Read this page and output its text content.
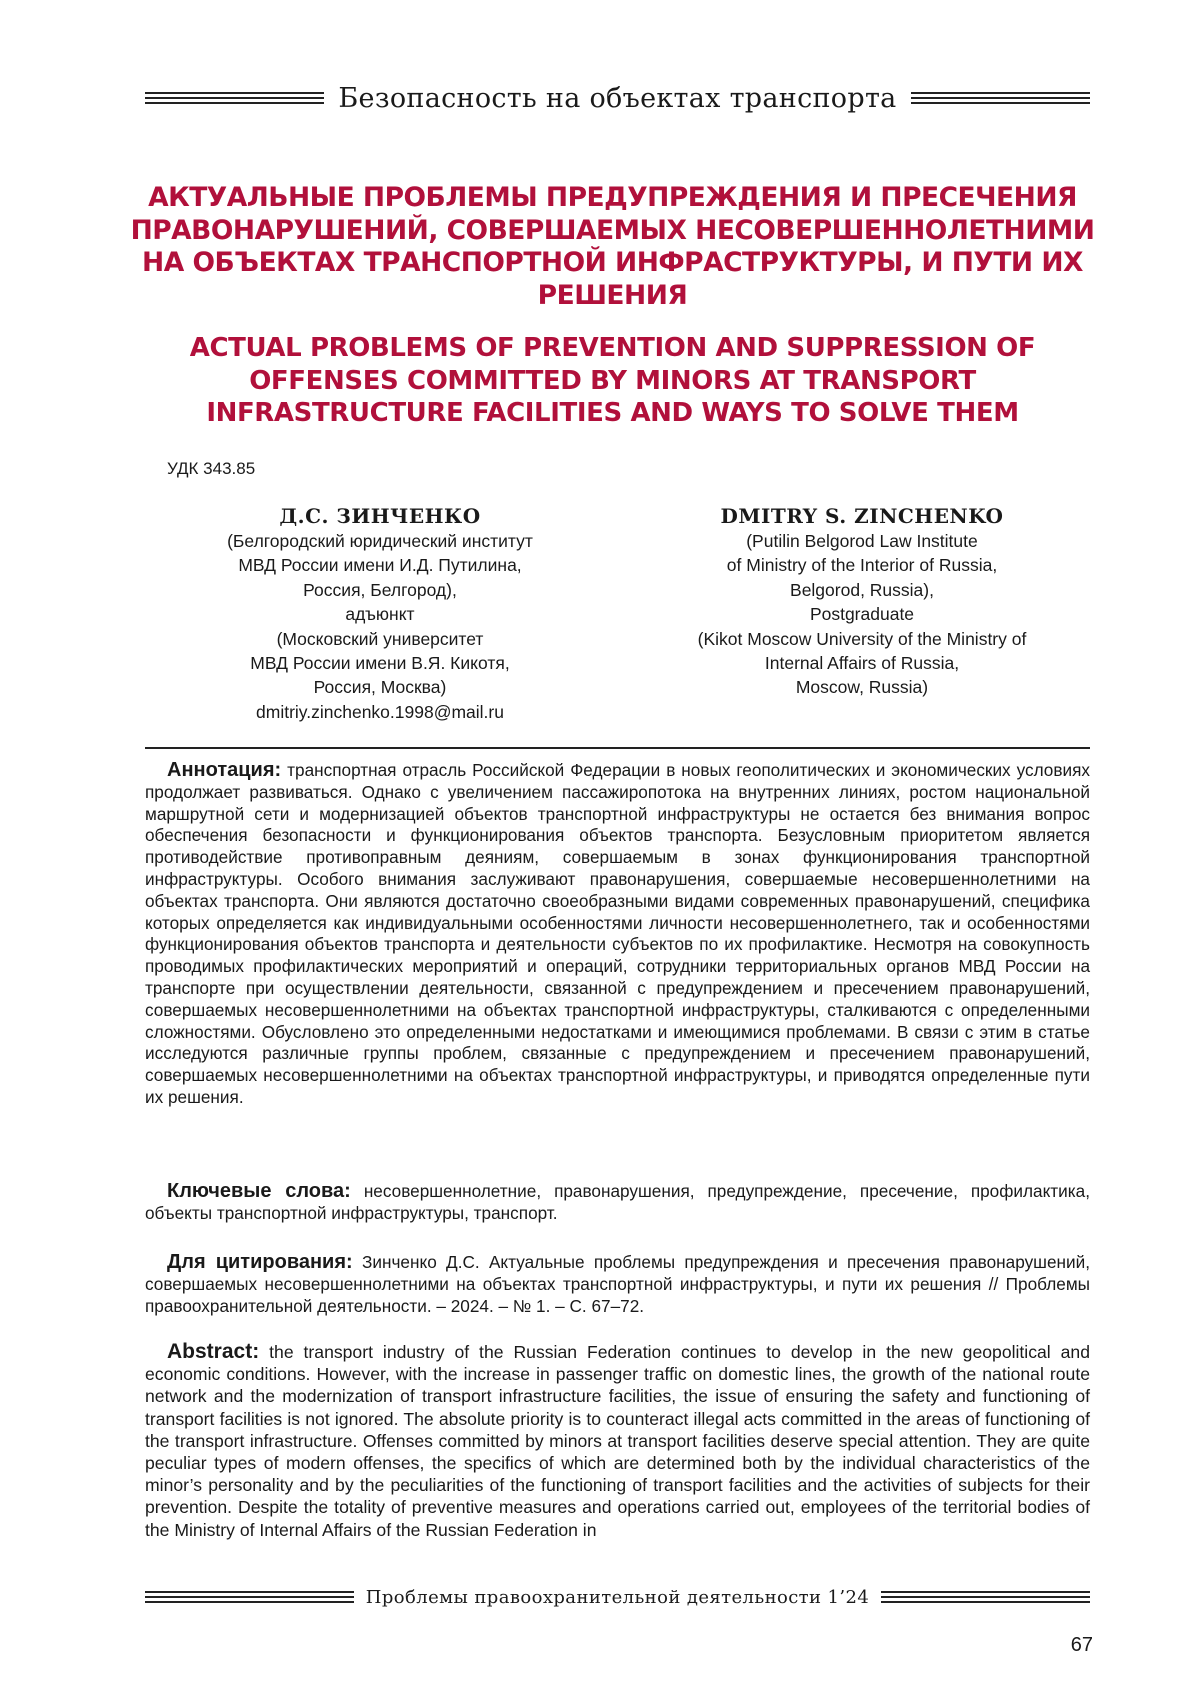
Безопасность на объектах транспорта
АКТУАЛЬНЫЕ ПРОБЛЕМЫ ПРЕДУПРЕЖДЕНИЯ И ПРЕСЕЧЕНИЯ ПРАВОНАРУШЕНИЙ, СОВЕРШАЕМЫХ НЕСОВЕРШЕННОЛЕТНИМИ НА ОБЪЕКТАХ ТРАНСПОРТНОЙ ИНФРАСТРУКТУРЫ, И ПУТИ ИХ РЕШЕНИЯ
ACTUAL PROBLEMS OF PREVENTION AND SUPPRESSION OF OFFENSES COMMITTED BY MINORS AT TRANSPORT INFRASTRUCTURE FACILITIES AND WAYS TO SOLVE THEM
УДК 343.85
Д.С. ЗИНЧЕНКО
(Белгородский юридический институт
МВД России имени И.Д. Путилина,
Россия, Белгород),
адъюнкт
(Московский университет
МВД России имени В.Я. Кикотя,
Россия, Москва)
dmitriy.zinchenko.1998@mail.ru
DMITRY S. ZINCHENKO
(Putilin Belgorod Law Institute
of Ministry of the Interior of Russia,
Belgorod, Russia),
Postgraduate
(Kikot Moscow University of the Ministry of
Internal Affairs of Russia,
Moscow, Russia)
Аннотация: транспортная отрасль Российской Федерации в новых геополитических и экономических условиях продолжает развиваться. Однако с увеличением пассажиропотока на внутренних линиях, ростом национальной маршрутной сети и модернизацией объектов транспортной инфраструктуры не остается без внимания вопрос обеспечения безопасности и функционирования объектов транспорта. Безусловным приоритетом является противодействие противоправным деяниям, совершаемым в зонах функционирования транспортной инфраструктуры. Особого внимания заслуживают правонарушения, совершаемые несовершеннолетними на объектах транспорта. Они являются достаточно своеобразными видами современных правонарушений, специфика которых определяется как индивидуальными особенностями личности несовершеннолетнего, так и особенностями функционирования объектов транспорта и деятельности субъектов по их профилактике. Несмотря на совокупность проводимых профилактических мероприятий и операций, сотрудники территориальных органов МВД России на транспорте при осуществлении деятельности, связанной с предупреждением и пресечением правонарушений, совершаемых несовершеннолетними на объектах транспортной инфраструктуры, сталкиваются с определенными сложностями. Обусловлено это определенными недостатками и имеющимися проблемами. В связи с этим в статье исследуются различные группы проблем, связанные с предупреждением и пресечением правонарушений, совершаемых несовершеннолетними на объектах транспортной инфраструктуры, и приводятся определенные пути их решения.
Ключевые слова: несовершеннолетние, правонарушения, предупреждение, пресечение, профилактика, объекты транспортной инфраструктуры, транспорт.
Для цитирования: Зинченко Д.С. Актуальные проблемы предупреждения и пресечения правонарушений, совершаемых несовершеннолетними на объектах транспортной инфраструктуры, и пути их решения // Проблемы правоохранительной деятельности. – 2024. – № 1. – С. 67–72.
Abstract: the transport industry of the Russian Federation continues to develop in the new geopolitical and economic conditions. However, with the increase in passenger traffic on domestic lines, the growth of the national route network and the modernization of transport infrastructure facilities, the issue of ensuring the safety and functioning of transport facilities is not ignored. The absolute priority is to counteract illegal acts committed in the areas of functioning of the transport infrastructure. Offenses committed by minors at transport facilities deserve special attention. They are quite peculiar types of modern offenses, the specifics of which are determined both by the individual characteristics of the minor’s personality and by the peculiarities of the functioning of transport facilities and the activities of subjects for their prevention. Despite the totality of preventive measures and operations carried out, employees of the territorial bodies of the Ministry of Internal Affairs of the Russian Federation in
Проблемы правоохранительной деятельности 1’24
67
